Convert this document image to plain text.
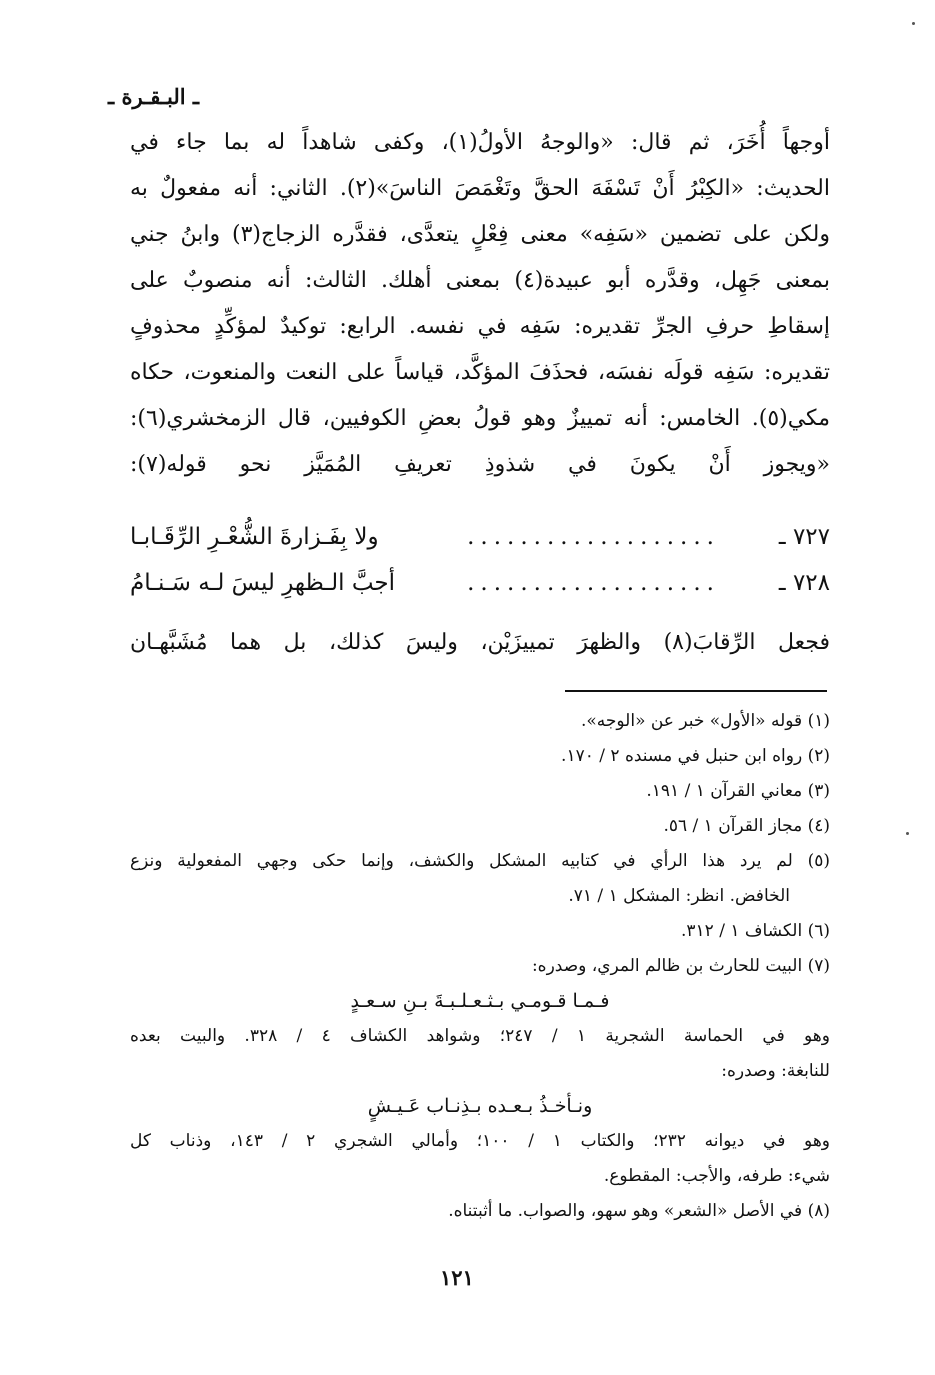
ـ البـقـرة ـ
أوجهاً أُخَرَ، ثم قال: «والوجهُ الأولُ(١)، وكفى شاهداً له بما جاء في
الحديث: «الكِبْرُ أَنْ تَسْفَهَ الحقَّ وتَغْمَصَ الناسَ»(٢). الثاني: أنه مفعولٌ به
ولكن على تضمين «سَفِه» معنى فِعْلٍ يتعدَّى، فقدَّره الزجاج(٣) وابنُ جني
بمعنى جَهِل، وقدَّره أبو عبيدة(٤) بمعنى أهلك. الثالث: أنه منصوبٌ على
إسقاطِ حرفِ الجرِّ تقديره: سَفِه في نفسه. الرابع: توكيدٌ لمؤكِّدٍ محذوفٍ
تقديره: سَفِه قولَه نفسَه، فحذَفَ المؤكَّد، قياساً على النعت والمنعوت، حكاه
مكي(٥). الخامس: أنه تمييزٌ وهو قولُ بعضِ الكوفيين، قال الزمخشري(٦):
«ويجوز أَنْ يكونَ في شذوذِ تعريفِ المُمَيَّز نحو قوله(٧):
٧٢٧ ـ
...................
ولا بِفَـزارةَ الشُّعْـرِ الرِّقَـابـا
٧٢٨ ـ
...................
أجبَّ الـظهرِ ليسَ لـه سَـنـامُ
فجعل الرِّقابَ(٨) والظهرَ تمييزَيْن، وليسَ كذلك، بل هما مُشَبَّهـان
(١) قوله «الأول» خبر عن «الوجه».
(٢) رواه ابن حنبل في مسنده ٢ / ١٧٠.
(٣) معاني القرآن ١ / ١٩١.
(٤) مجاز القرآن ١ / ٥٦.
(٥) لم يرد هذا الرأي في كتابيه المشكل والكشف، وإنما حكى وجهي المفعولية ونزع
الخافض. انظر: المشكل ١ / ٧١.
(٦) الكشاف ١ / ٣١٢.
(٧) البيت للحارث بن ظالم المري، وصدره:
فـمـا قـومـي بـثـعـلـبـةَ بـنِ سـعـدٍ
وهو في الحماسة الشجرية ١ / ٢٤٧؛ وشواهد الكشاف ٤ / ٣٢٨. والبيت بعده
للنابغة: وصدره:
ونـأخـذُ بـعـده بـذِنـاب عَـيـشٍ
وهو في ديوانه ٢٣٢؛ والكتاب ١ / ١٠٠؛ وأمالي الشجري ٢ / ١٤٣، وذناب كل
شيء: طرفه، والأجب: المقطوع.
(٨) في الأصل «الشعر» وهو سهو، والصواب. ما أثبتناه.
١٢١
